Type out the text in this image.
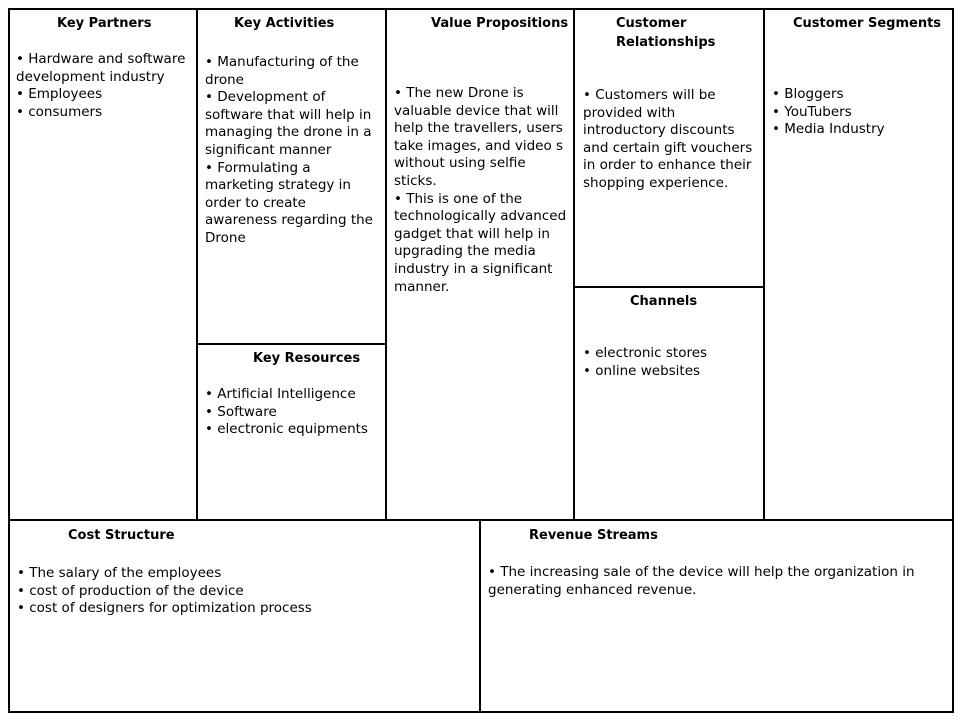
Key Partners
• Hardware and software development industry
• Employees
• consumers
Key Activities
• Manufacturing of the drone
• Development of software that will help in managing the drone in a significant manner
• Formulating a marketing strategy in order to create awareness regarding the Drone
Key Resources
• Artificial Intelligence
• Software
• electronic equipments
Value Propositions
• The new Drone is valuable device that will help the travellers, users take images, and video s without using selfie sticks.
• This is one of the technologically advanced gadget that will help in upgrading the media industry in a significant manner.
Customer Relationships
• Customers will be provided with introductory discounts and certain gift vouchers in order to enhance their shopping experience.
Channels
• electronic stores
• online websites
Customer Segments
• Bloggers
• YouTubers
• Media Industry
Cost Structure
• The salary of the employees
• cost of production of the device
• cost of designers for optimization process
Revenue Streams
• The increasing sale of the device will help the organization in generating enhanced revenue.
